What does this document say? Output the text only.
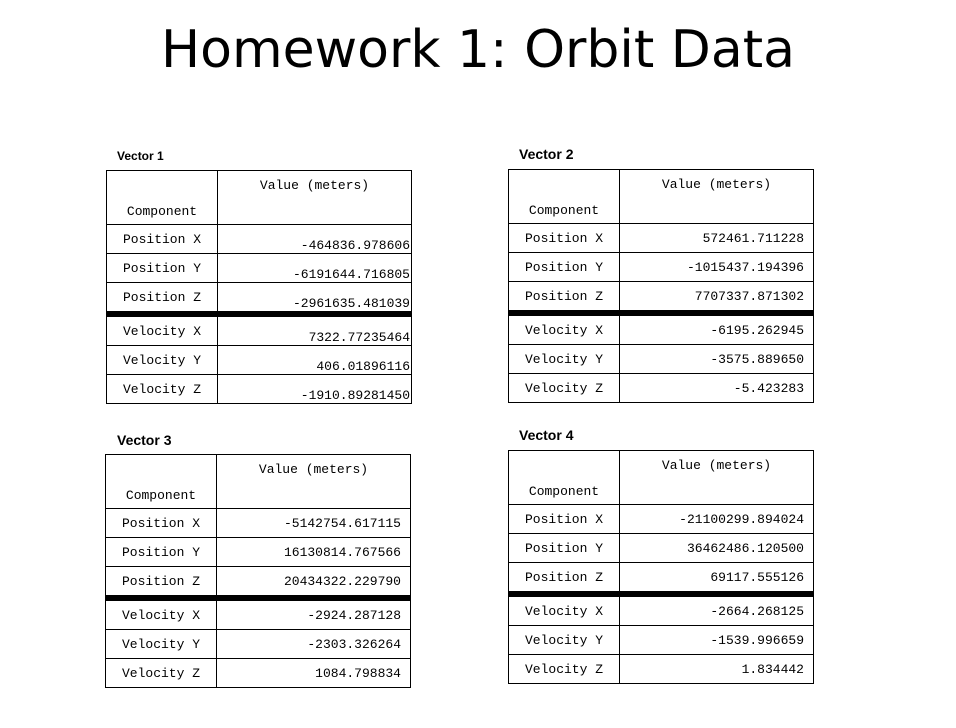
Homework 1: Orbit Data
Vector 1
Component	Value (meters)
Position X	-464836.978606
Position Y	-6191644.716805
Position Z	-2961635.481039
Velocity X	7322.77235464
Velocity Y	406.01896116
Velocity Z	-1910.89281450
Vector 2
Component	Value (meters)
Position X	572461.711228
Position Y	-1015437.194396
Position Z	7707337.871302
Velocity X	-6195.262945
Velocity Y	-3575.889650
Velocity Z	-5.423283
Vector 3
Component	Value (meters)
Position X	-5142754.617115
Position Y	16130814.767566
Position Z	20434322.229790
Velocity X	-2924.287128
Velocity Y	-2303.326264
Velocity Z	1084.798834
Vector 4
Component	Value (meters)
Position X	-21100299.894024
Position Y	36462486.120500
Position Z	69117.555126
Velocity X	-2664.268125
Velocity Y	-1539.996659
Velocity Z	1.834442
